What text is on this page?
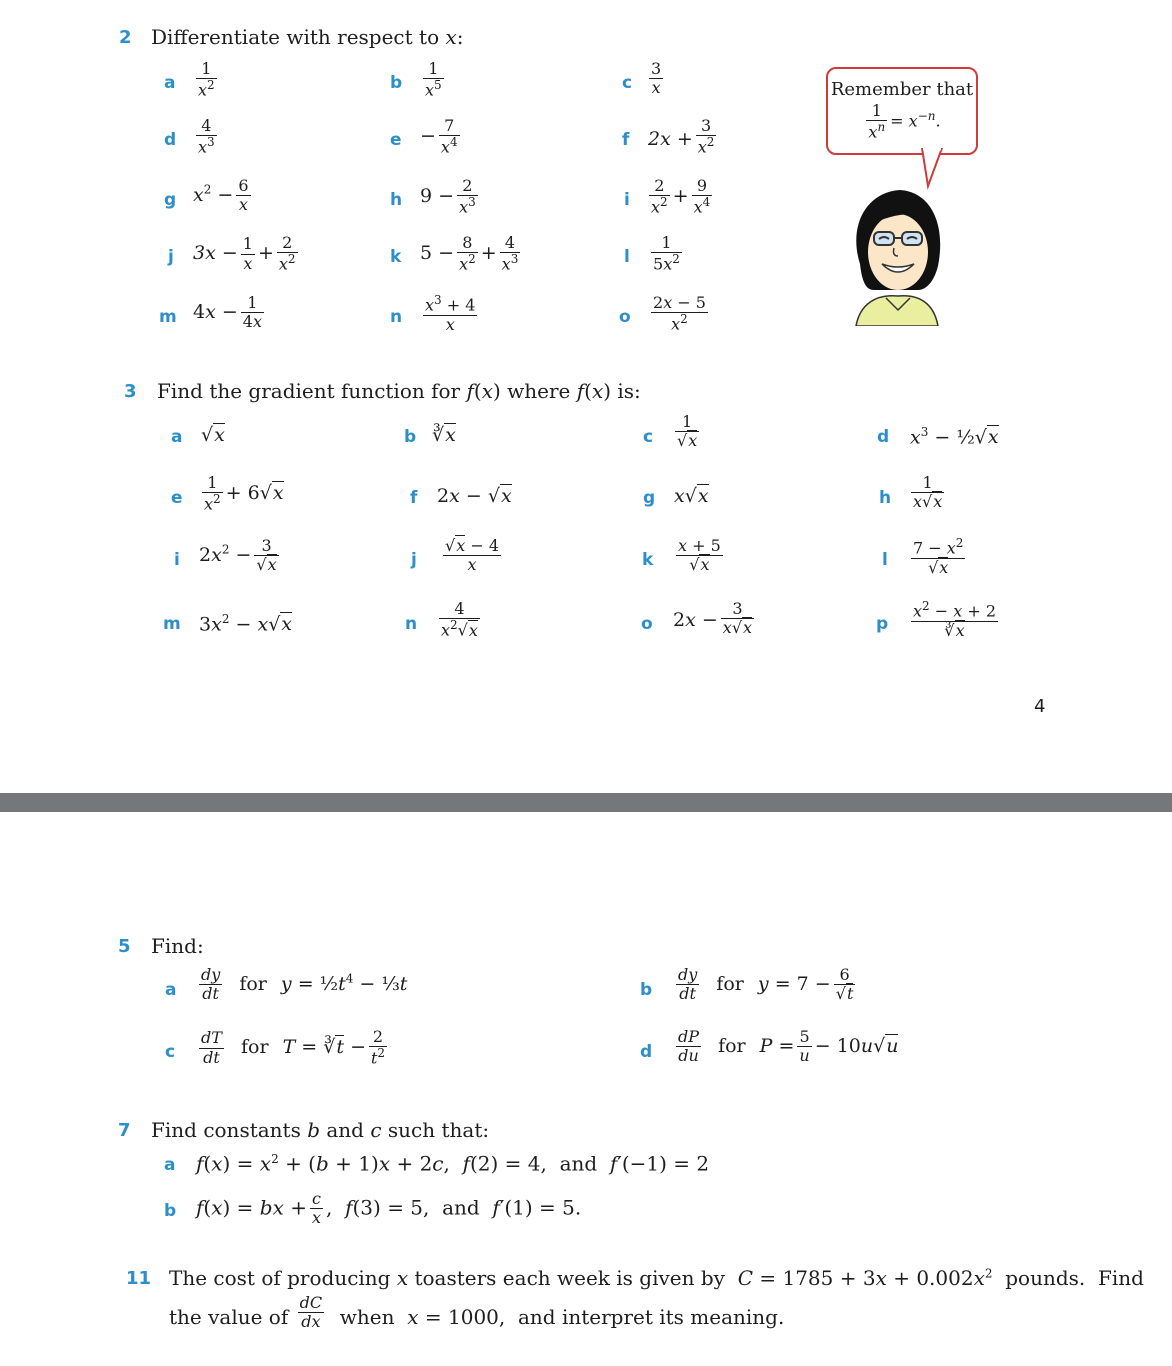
2 Differentiate with respect to x:
a $\frac{1}{x^2}$	b $\frac{1}{x^5}$	c $\frac{3}{x}$
d $\frac{4}{x^3}$	$e - \frac{7}{x^4}$	f $2x + \frac{3}{x^2}$
g $x^2 - \frac{6}{x}$	h $9 - \frac{2}{x^3}$	i $\frac{2}{x^2} + \frac{9}{x^4}$
j $3x - \frac{1}{x} + \frac{2}{x^2}$	k $5 - \frac{8}{x^2} + \frac{4}{x^3}$	l $\frac{1}{5x^2}$
m $4x - \frac{1}{4x}$	n $\frac{x^3 + 4}{x}$	o $\frac{2x - 5}{x^2}$
Remember that
$\frac{1}{x^n} = x^{-n}$.
3 Find the gradient function for f(x) where f(x) is:
a √x	b ∛x	c $\frac{1}{√x}$	d $x^3$ − ½√x
e $\frac{1}{x^2} + 6√x$	f 2x − √x	g x√x	h $\frac{1}{x√x}$
i $2x^2 - \frac{3}{√x}$	j $\frac{√x - 4}{x}$	k $\frac{x + 5}{√x}$	l $\frac{7 - x^2}{√x}$
m $3x^2 - x√x$	n $\frac{4}{x^2√x}$	o $2x - \frac{3}{x√x}$	p $\frac{x^2 - x + 2}{∛x}$
4
5 Find:
a $\frac{dy}{dt}$ for $y = \frac{1}{2}t^4$ − ⅓t	b $\frac{dy}{dt}$ for $y = 7 - \frac{6}{√t}$
c $\frac{dT}{dt}$ for T = ∛t − $\frac{2}{t^2}$	d $\frac{dP}{du}$ for $P = \frac{5}{u} - 10u√u$
7 Find constants b and c such that:
a $f(x) = x^2 + (b + 1)x + 2c$,  f(2) = 4,  and  f′(−1) = 2
b f(x) = bx + $\frac{c}{x}$ ,  f(3) = 5,  and  f′(1) = 5.
11 The cost of producing x toasters each week is given by  $C = 1785 + 3x + 0.002x^2$  pounds.  Find
the value of $\frac{dC}{dx}$ when  x = 1000,  and interpret its meaning.
